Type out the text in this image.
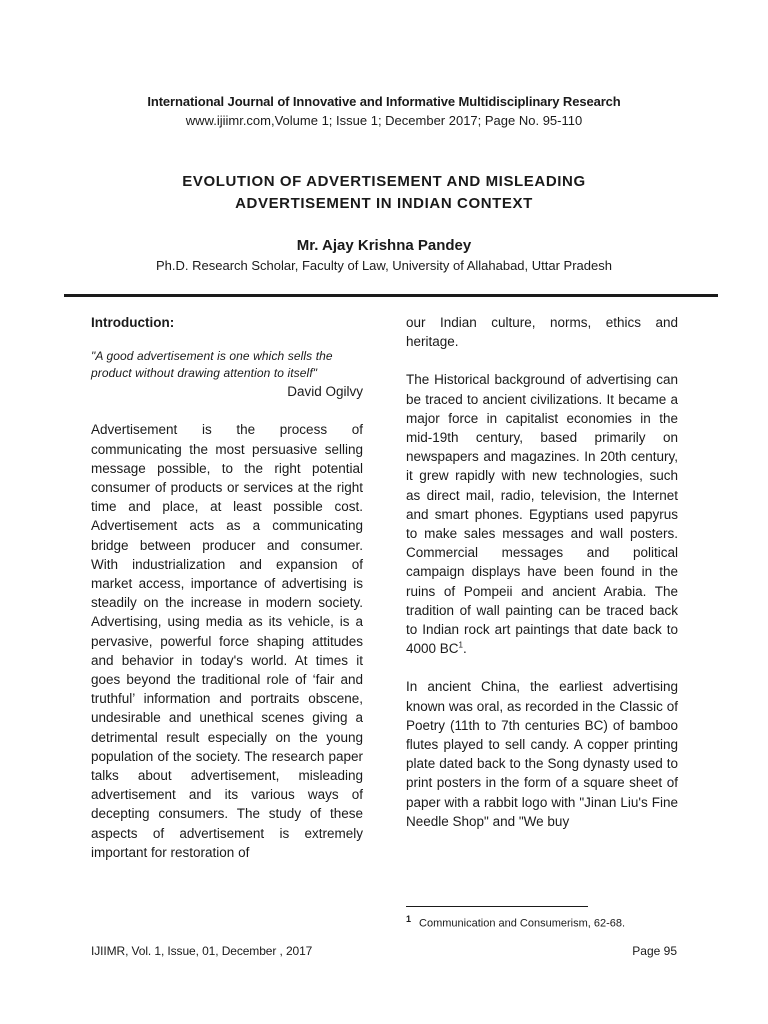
International Journal of Innovative and Informative Multidisciplinary Research
www.ijiimr.com,Volume 1; Issue 1; December 2017; Page No. 95-110
EVOLUTION OF ADVERTISEMENT AND MISLEADING
ADVERTISEMENT IN INDIAN CONTEXT
Mr. Ajay Krishna Pandey
Ph.D. Research Scholar, Faculty of Law, University of Allahabad, Uttar Pradesh

Introduction:

"A good advertisement is one which sells the product without drawing attention to itself"

David Ogilvy

Advertisement is the process of communicating the most persuasive selling message possible, to the right potential consumer of products or services at the right time and place, at least possible cost. Advertisement acts as a communicating bridge between producer and consumer. With industrialization and expansion of market access, importance of advertising is steadily on the increase in modern society. Advertising, using media as its vehicle, is a pervasive, powerful force shaping attitudes and behavior in today's world. At times it goes beyond the traditional role of ‘fair and truthful’ information and portraits obscene, undesirable and unethical scenes giving a detrimental result especially on the young population of the society. The research paper talks about advertisement, misleading advertisement and its various ways of decepting consumers. The study of these aspects of advertisement is extremely important for restoration of

our Indian culture, norms, ethics and heritage.

The Historical background of advertising can be traced to ancient civilizations. It became a major force in capitalist economies in the mid-19th century, based primarily on newspapers and magazines. In 20th century, it grew rapidly with new technologies, such as direct mail, radio, television, the Internet and smart phones. Egyptians used papyrus to make sales messages and wall posters. Commercial messages and political campaign displays have been found in the ruins of Pompeii and ancient Arabia. The tradition of wall painting can be traced back to Indian rock art paintings that date back to 4000 BC$^1$.

In ancient China, the earliest advertising known was oral, as recorded in the Classic of Poetry (11th to 7th centuries BC) of bamboo flutes played to sell candy. A copper printing plate dated back to the Song dynasty used to print posters in the form of a square sheet of paper with a rabbit logo with "Jinan Liu's Fine Needle Shop" and "We buy

$^1$ Communication and Consumerism, 62-68.
IJIIMR, Vol. 1, Issue, 01, December , 2017	Page 95
